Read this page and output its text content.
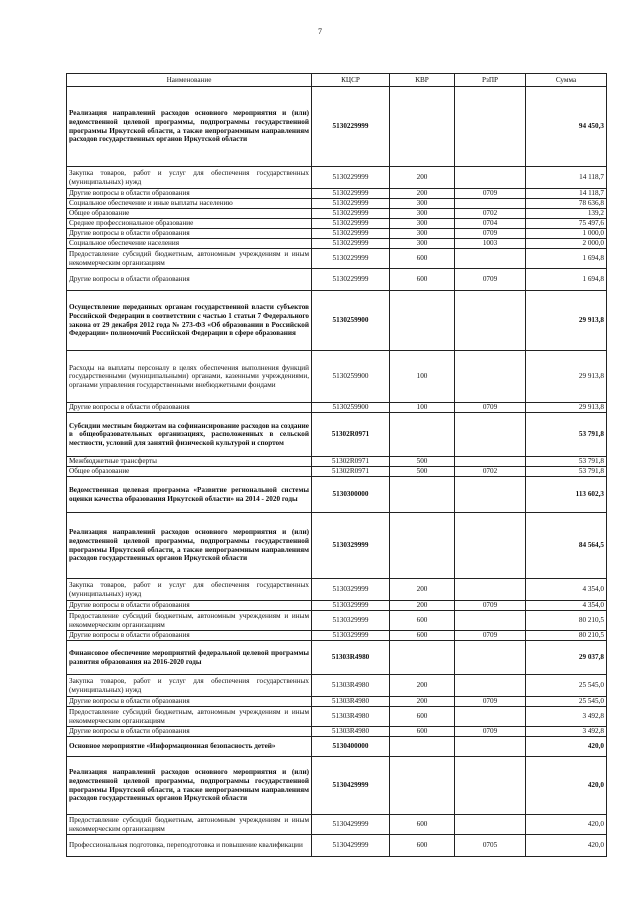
7
Наименование	КЦСР	КВР	РзПР	Сумма
Реализация направлений расходов основного мероприятия и (или) ведомственной целевой программы, подпрограммы государственной программы Иркутской области, а также непрограммным направлениям расходов государственных органов Иркутской области	5130229999			94 450,3
Закупка товаров, работ и услуг для обеспечения государственных (муниципальных) нужд	5130229999	200		14 118,7
Другие вопросы в области образования	5130229999	200	0709	14 118,7
Социальное обеспечение и иные выплаты населению	5130229999	300		78 636,8
Общее образование	5130229999	300	0702	139,2
Среднее профессиональное образование	5130229999	300	0704	75 497,6
Другие вопросы в области образования	5130229999	300	0709	1 000,0
Социальное обеспечение населения	5130229999	300	1003	2 000,0
Предоставление субсидий бюджетным, автономным учреждениям и иным некоммерческим организациям	5130229999	600		1 694,8
Другие вопросы в области образования	5130229999	600	0709	1 694,8
Осуществление переданных органам государственной власти субъектов Российской Федерации в соответствии с частью 1 статьи 7 Федерального закона от 29 декабря 2012 года № 273-ФЗ «Об образовании в Российской Федерации» полномочий Российской Федерации в сфере образования	5130259900			29 913,8
Расходы на выплаты персоналу в целях обеспечения выполнения функций государственными (муниципальными) органами, казенными учреждениями, органами управления государственными внебюджетными фондами	5130259900	100		29 913,8
Другие вопросы в области образования	5130259900	100	0709	29 913,8
Субсидии местным бюджетам на софинансирование расходов на создание в общеобразовательных организациях, расположенных в сельской местности, условий для занятий физической культурой и спортом	51302R0971			53 791,8
Межбюджетные трансферты	51302R0971	500		53 791,8
Общее образование	51302R0971	500	0702	53 791,8
Ведомственная целевая программа «Развитие региональной системы оценки качества образования Иркутской области» на 2014 - 2020 годы	5130300000			113 602,3
Реализация направлений расходов основного мероприятия и (или) ведомственной целевой программы, подпрограммы государственной программы Иркутской области, а также непрограммным направлениям расходов государственных органов Иркутской области	5130329999			84 564,5
Закупка товаров, работ и услуг для обеспечения государственных (муниципальных) нужд	5130329999	200		4 354,0
Другие вопросы в области образования	5130329999	200	0709	4 354,0
Предоставление субсидий бюджетным, автономным учреждениям и иным некоммерческим организациям	5130329999	600		80 210,5
Другие вопросы в области образования	5130329999	600	0709	80 210,5
Финансовое обеспечение мероприятий федеральной целевой программы развития образования на 2016-2020 годы	51303R4980			29 037,8
Закупка товаров, работ и услуг для обеспечения государственных (муниципальных) нужд	51303R4980	200		25 545,0
Другие вопросы в области образования	51303R4980	200	0709	25 545,0
Предоставление субсидий бюджетным, автономным учреждениям и иным некоммерческим организациям	51303R4980	600		3 492,8
Другие вопросы в области образования	51303R4980	600	0709	3 492,8
Основное мероприятие «Информационная безопасность детей»	5130400000			420,0
Реализация направлений расходов основного мероприятия и (или) ведомственной целевой программы, подпрограммы государственной программы Иркутской области, а также непрограммным направлениям расходов государственных органов Иркутской области	5130429999			420,0
Предоставление субсидий бюджетным, автономным учреждениям и иным некоммерческим организациям	5130429999	600		420,0
Профессиональная подготовка, переподготовка и повышение квалификации	5130429999	600	0705	420,0
